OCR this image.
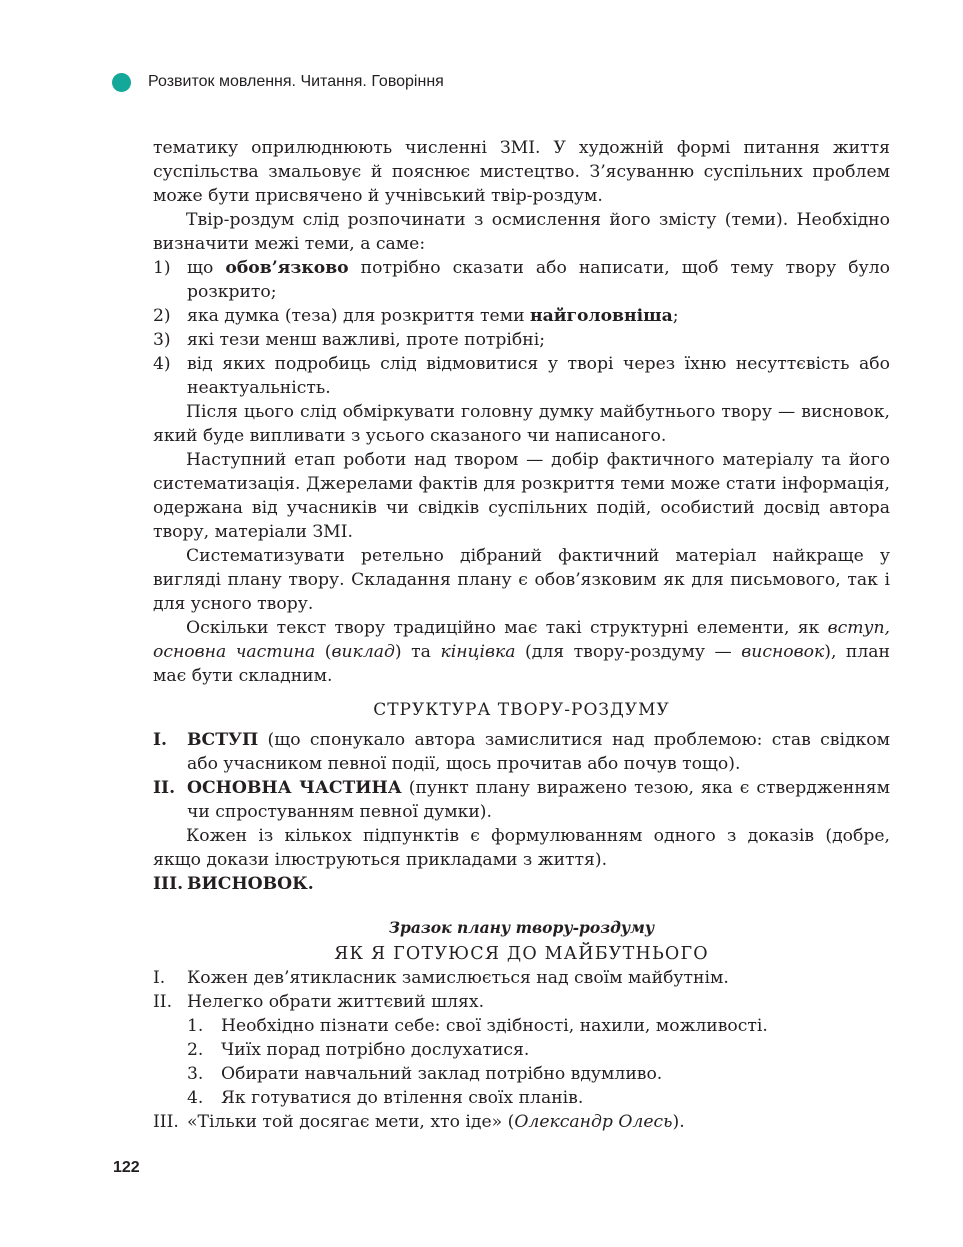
Розвиток мовлення. Читання. Говоріння

тематику оприлюднюють численні ЗМІ. У художній формі питання життя суспільства змальовує й пояснює мистецтво. З’ясуванню суспільних проблем може бути присвячено й учнівський твір-роздум.

Твір-роздум слід розпочинати з осмислення його змісту (теми). Необхідно визначити межі теми, а саме:

1) що обов’язково потрібно сказати або написати, щоб тему твору було розкрито;
2) яка думка (теза) для розкриття теми найголовніша;
3) які тези менш важливі, проте потрібні;
4) від яких подробиць слід відмовитися у творі через їхню несуттєвість або неактуальність.

Після цього слід обміркувати головну думку майбутнього твору — висновок, який буде випливати з усього сказаного чи написаного.

Наступний етап роботи над твором — добір фактичного матеріалу та його систематизація. Джерелами фактів для розкриття теми може стати інформація, одержана від учасників чи свідків суспільних подій, особистий досвід автора твору, матеріали ЗМІ.

Систематизувати ретельно дібраний фактичний матеріал найкраще у вигляді плану твору. Складання плану є обов’язковим як для письмового, так і для усного твору.

Оскільки текст твору традиційно має такі структурні елементи, як вступ, основна частина (виклад) та кінцівка (для твору-роздуму — висновок), план має бути складним.

СТРУКТУРА ТВОРУ-РОЗДУМУ

I.	ВСТУП (що спонукало автора замислитися над проблемою: став свідком або учасником певної події, щось прочитав або почув тощо).
II. ОСНОВНА ЧАСТИНА (пункт плану виражено тезою, яка є ствердженням чи спростуванням певної думки).

Кожен із кількох підпунктів є формулюванням одного з доказів (добре, якщо докази ілюструються прикладами з життя).

III. ВИСНОВОК.

Зразок плану твору-роздуму

ЯК Я ГОТУЮСЯ ДО МАЙБУТНЬОГО

І.	Кожен дев’ятикласник замислюється над своїм майбутнім.
ІІ. Нелегко обрати життєвий шлях.
1.	Необхідно пізнати себе: свої здібності, нахили, можливості.
2.	Чиїх порад потрібно дослухатися.
3.	Обирати навчальний заклад потрібно вдумливо.
4.	Як готуватися до втілення своїх планів.
ІІІ. «Тільки той досягає мети, хто іде» (Олександр Олесь).
122
